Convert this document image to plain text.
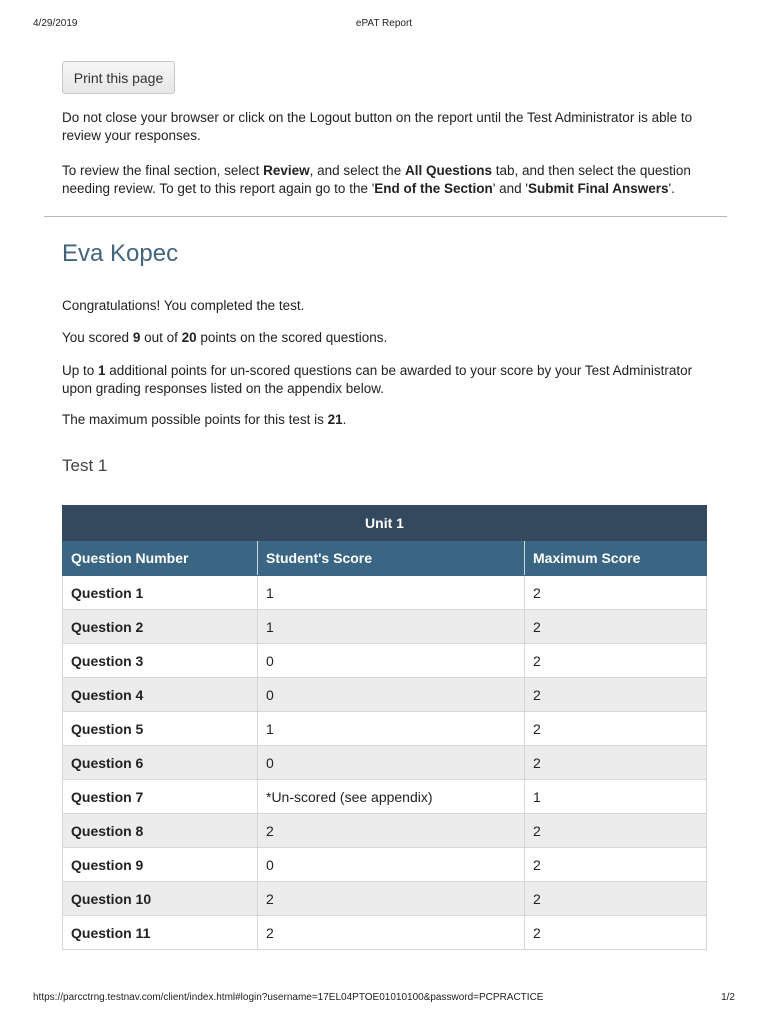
4/29/2019	ePAT Report
Print this page

Do not close your browser or click on the Logout button on the report until the Test Administrator is able to review your responses.

To review the final section, select Review, and select the All Questions tab, and then select the question needing review. To get to this report again go to the 'End of the Section' and 'Submit Final Answers'.

Eva Kopec

Congratulations! You completed the test.

You scored 9 out of 20 points on the scored questions.

Up to 1 additional points for un-scored questions can be awarded to your score by your Test Administrator upon grading responses listed on the appendix below.

The maximum possible points for this test is 21.

Test 1
Unit 1		
Question Number	Student's Score	Maximum Score
Question 1	1	2
Question 2	1	2
Question 3	0	2
Question 4	0	2
Question 5	1	2
Question 6	0	2
Question 7	*Un-scored (see appendix)	1
Question 8	2	2
Question 9	0	2
Question 10	2	2
Question 11	2	2
https://parcctrng.testnav.com/client/index.html#login?username=17EL04PTOE01010100&password=PCPRACTICE	1/2
